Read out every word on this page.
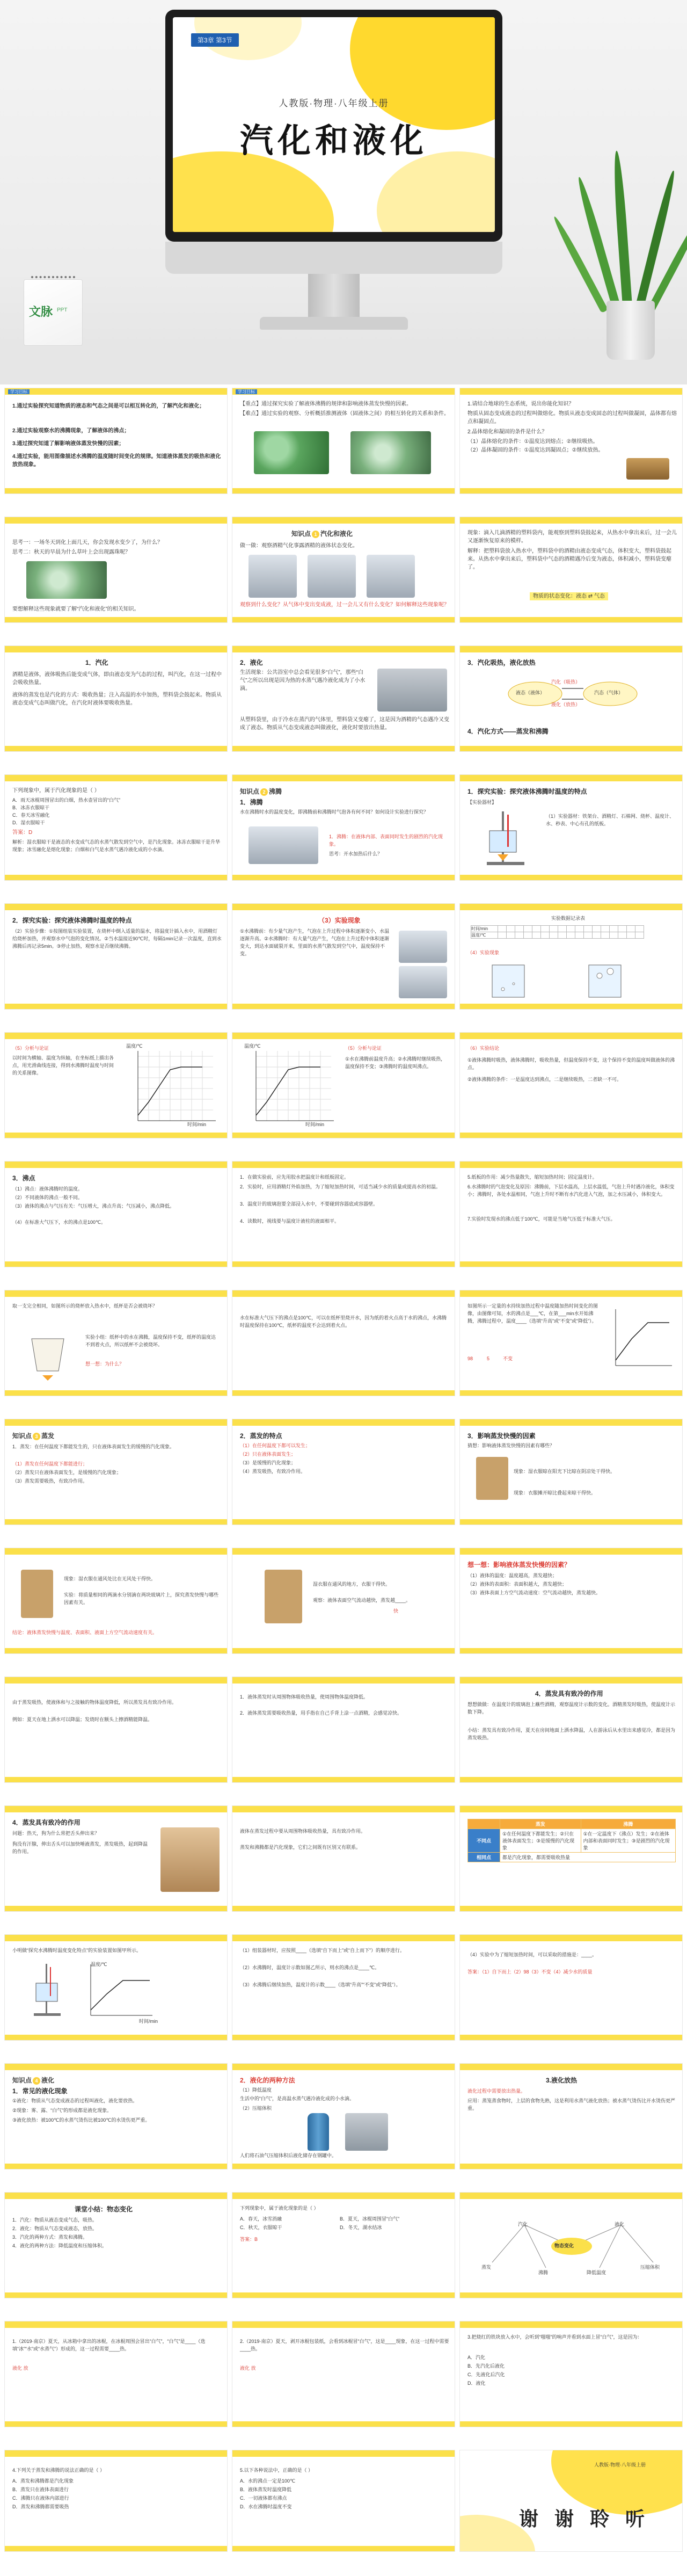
第3章 第3节
人教版·物理·八年级上册
汽化和液化
文脉 PPT
学习目标
1.通过实验探究知道物质的液态和气态之间是可以相互转化的，了解汽化和液化；
2.通过实验观察水的沸腾现象，了解液体的沸点；
3.通过探究知道了解影响液体蒸发快慢的因素；
4.通过实验，能用图像描述水沸腾的温度随时间变化的规律。知道液体蒸发的吸热和液化放热现象。
学习目标
【重点】通过探究实验了解液体沸腾的规律和影响液体蒸发快慢的因素。
【难点】通过实验的观察、分析概括推测液体（固液体之间）的相互转化的关系和条件。
1.请结合地球的生态系统，说出你能化知识？
物质从固态变成液态的过程叫做熔化。物质从液态变成固态的过程叫做凝固，晶体都有熔点和凝固点。
2.晶体熔化和凝固的条件是什么？
（1）晶体熔化的条件：①温度达到熔点；②继续吸热。
（2）晶体凝固的条件：①温度达到凝固点；②继续放热。
思考一：一场冬天到化上面几天，你会发现水变少了，为什么？
思考二：秋天的早晨为什么草叶上会出现露珠呢？
要想解释这些现象就要了解“汽化和液化”的相关知识。
知识点 1 汽化和液化
做一做：观察酒精气化事露酒精的液体状态变化。
观察到什么变化？从气体中变出变成液，过一会儿又有什么变化？如何解释这些现象呢？
现象：滴入几滴酒精的塑料袋内，能观察到塑料袋鼓起来，从热水中拿出来后，过一会儿又逐渐恢复原来的模样。
解释：把塑料袋放入热水中，塑料袋中的酒精由液态变成气态，体积变大，塑料袋鼓起来。从热水中拿出来后，塑料袋中气态的酒精遇冷后变为液态，体积减小，塑料袋变瘪了。
物质的状态变化：液态 ⇄ 气态
1．汽化
酒精是液体，液体吸热后能变成气体，即由液态变为气态的过程，叫汽化，在这一过程中会吸收热量。
液体的蒸发也是汽化的方式：吸收热量；注入高温的水中加热，塑料袋会鼓起来。物质从液态变成气态叫做汽化，在汽化时液体要吸收热量。
2．液化
生活现象：公共浴室中总会看见很多“白气”，那些“白气”之所以出现是因为热的水蒸气遇冷液化成为了小水滴。
从塑料袋里，由于冷水在蒸汽的气体里，塑料袋又变瘪了，这是因为酒精的气态遇冷又变成了液态。物质从气态变成液态叫做液化，液化时要放出热量。
3．汽化吸热，液化放热
汽态（气体）
液态（液体）
汽化（吸热）
液化（放热）
4．汽化方式——蒸发和沸腾
下列现象中，属于汽化现象的是（ ）
A．雨天冰棍周围冒出的白烟，热水壶冒出的“白气”
B．冰冻衣服晾干
C．春天冰雪融化
D．湿衣服晾干
答案：D
解析：湿衣服晾干是液态的水变成气态的水蒸气散发到空气中，是汽化现象。冰冻衣服晾干是升华现象；冰雪融化是熔化现象；白烟和白气是水蒸气遇冷液化成的小水滴。
知识点 2 沸腾
1．沸腾
水在沸腾时水的温度变化，即沸腾前和沸腾时气泡各有何不同？如何设计实验进行探究？
1．沸腾：在液体内部、表面同时发生的剧烈的汽化现象。
思考：开水加热后什么？
1．探究实验：探究液体沸腾时温度的特点
【实验器材】
（1）实验器材：铁架台、酒精灯、石棉网、烧杯、温度计、水、秒表、中心有孔的纸板。
2．探究实验：探究液体沸腾时温度的特点
（2）实验步骤：①按图组装实验装置，在烧杯中倒入适量的温水，将温度计插入水中，用酒精灯给烧杯加热，并观察水中气泡的变化情况。②当水温接近90℃时，每隔1min记录一次温度，直到水沸腾后再记录5min。③停止加热，观察水是否继续沸腾。
（3）实验现象
①水沸腾前：有少量气泡产生，气泡在上升过程中体积逐渐变小，水温逐渐升高。②水沸腾时：有大量气泡产生，气泡在上升过程中体积逐渐变大，到达水面破裂开来，里面的水蒸气散发到空气中，温度保持不变。
实验数据记录表
时间/min																	
温度/℃																	
（4）实验现象
（5）分析与论证
以时间为横轴、温度为纵轴，在坐标纸上描出各点，用光滑曲线连接，得到水沸腾时温度与时间的关系图像。
温度/℃
时间/min
温度/℃
时间/min
（5）分析与论证
①水在沸腾前温度升高；②水沸腾时继续吸热，温度保持不变；③沸腾时的温度叫沸点。
（6）实验结论
①液体沸腾时吸热，液体沸腾时，吸收热量，但温度保持不变，这个保持不变的温度叫做液体的沸点。
②液体沸腾的条件：一是温度达到沸点，二是继续吸热，二者缺一不可。
3．沸点
（1）沸点：液体沸腾时的温度。
（2）不同液体的沸点一般不同。
（3）液体的沸点与气压有关：气压增大，沸点升高；气压减小，沸点降低。
（4）在标准大气压下，水的沸点是100℃。
1．在做实验前，应先用胶水把温度计和纸板固定。
2．实验时，应用酒精灯外焰加热，为了缩短加热时间，可适当减少水的质量或提高水的初温。
3．温度计的玻璃泡要全部浸入水中，不要碰到容器底或容器壁。
4．读数时，视线要与温度计液柱的液面相平。
5.纸板的作用：减少热量散失，缩短加热时间；固定温度计。
6.水沸腾时的气泡变化及原因：沸腾前，下层水温高，上层水温低，气泡上升时遇冷液化，体积变小；沸腾时，各处水温相同，气泡上升时不断有水汽化进入气泡，加之水压减小，体积变大。
7.实验时发现水的沸点低于100℃，可能是当地气压低于标准大气压。
取一支完全相同，如图所示的烧杯放入热水中，纸杯是否会被烧坏？
实验小组：纸杯中的水在沸腾，温度保持不变，纸杯的温度达不到着火点，所以纸杯不会被烧坏。
想一想：为什么？
水在标准大气压下的沸点是100℃，可以在纸杯里烧开水，因为纸的着火点高于水的沸点，水沸腾时温度保持在100℃，纸杯的温度不会达到着火点。
如图所示一定量的水持续加热过程中温度随加热时间变化的图像，由图像可知，水的沸点是___℃，在第___min水开始沸腾，沸腾过程中，温度____（选填“升高”或“不变”或“降低”）。
98	5	不变
知识点 3 蒸发
1．蒸发：在任何温度下都能发生的，只在液体表面发生的缓慢的汽化现象。
（1）蒸发在任何温度下都能进行；
（2）蒸发只在液体表面发生，是缓慢的汽化现象；
（3）蒸发需要吸热，有致冷作用。
2．蒸发的特点
（1）在任何温度下都可以发生；
（2）只在液体表面发生；
（3）是缓慢的汽化现象；
（4）蒸发吸热，有致冷作用。
3．影响蒸发快慢的因素
猜想：影响液体蒸发快慢的因素有哪些？
现象：湿衣服晾在阳光下比晾在阴凉处干得快。
现象：衣服摊开晾比叠起来晾干得快。
现象：湿衣服在通风处比在无风处干得快。
实验：将质量相同的两滴水分别滴在两块玻璃片上，探究蒸发快慢与哪些因素有关。
结论：液体蒸发快慢与温度、表面积、液面上方空气流动速度有关。
湿衣服在通风的地方，衣服干得快。
观察：液体表面空气流动越快，蒸发越____。
快
想一想：影响液体蒸发快慢的因素？
（1）液体的温度：温度越高，蒸发越快；
（2）液体的表面积：表面积越大，蒸发越快；
（3）液体表面上方空气流动速度：空气流动越快，蒸发越快。
由于蒸发吸热，使液体和与之接触的物体温度降低，所以蒸发具有致冷作用。
例如：夏天在地上洒水可以降温；发烧时在额头上擦酒精能降温。
1．液体蒸发时从周围物体吸收热量，使周围物体温度降低。
2．液体蒸发需要吸收热量，用手指在自己手背上涂一点酒精，会感觉凉快。
4．蒸发具有致冷的作用
想想做做：在温度计的玻璃泡上蘸些酒精，观察温度计示数的变化。酒精蒸发时吸热，使温度计示数下降。
小结：蒸发具有致冷作用，夏天在房间地面上洒水降温，人在游泳后从水里出来感觉冷，都是因为蒸发吸热。
4．蒸发具有致冷的作用
问题：热天，狗为什么常把舌头伸出来？
狗没有汗腺，伸出舌头可以加快唾液蒸发，蒸发吸热，起到降温的作用。
液体在蒸发过程中要从周围物体吸收热量，具有致冷作用。
蒸发和沸腾都是汽化现象，它们之间既有区别又有联系。
	蒸发	沸腾
不同点	①在任何温度下都能发生；②只在液体表面发生；③是缓慢的汽化现象	①在一定温度下（沸点）发生；②在液体内部和表面同时发生；③是剧烈的汽化现象
相同点	都是汽化现象，都需要吸收热量	
小明做“探究水沸腾时温度变化特点”的实验装置如图甲所示。
温度/℃
时间/min
（1）组装器材时，应按照____（选填“自下而上”或“自上而下”）的顺序进行。
（2）水沸腾时，温度计示数如图乙所示，则水的沸点是____℃。
（3）水沸腾后继续加热，温度计的示数____（选填“升高”“不变”或“降低”）。
（4）实验中为了缩短加热时间，可以采取的措施是：____。
答案：（1）自下而上（2）98（3）不变（4）减少水的质量
知识点 4 液化
1．常见的液化现象
①液化：物质从气态变成液态的过程叫液化，液化要放热。
②现象：雾、露、“白气”的形成都是液化现象。
③液化放热：被100℃的水蒸气烫伤比被100℃的水烫伤更严重。
2．液化的两种方法
（1）降低温度
生活中的“白气”，是高温水蒸气遇冷液化成的小水滴。
（2）压缩体积
人们将石油气压缩体积后液化储存在钢罐中。
3.液化放热
液化过程中需要放出热量。
应用：蒸笼蒸食物时，上层的食物先熟，这是利用水蒸气液化放热；被水蒸气烫伤比开水烫伤更严重。
课堂小结：物态变化
1．汽化：物质从液态变成气态，吸热。
2．液化：物质从气态变成液态，放热。
3．汽化的两种方式：蒸发和沸腾。
4．液化的两种方法：降低温度和压缩体积。
下列现象中，属于液化现象的是（ ）
A．春天，冰雪消融	B．夏天，冰棍周围冒“白气”
C．秋天，衣服晾干	D．冬天，湖水结冰
答案：B
物态变化
汽化	液化
蒸发
沸腾	降低温度
压缩体积
1.（2019·南京）夏天，从冰箱中拿出的冰棍，在冰棍周围会冒出“白气”，“白气”是____（选填“冰”“水”或“水蒸气”）形成的，这一过程需要____热。
液化 放
2.（2019·南京）夏天，剥开冰棍包装纸，会看到冰棍冒“白气”，这是____现象，在这一过程中需要____热。
液化 放
3.把烧红的铁块放入水中，会听到“嗤嗤”的响声并看到水面上冒“白气”，这是因为：
A．汽化
B．先汽化后液化
C．先液化后汽化
D．液化
4.下列关于蒸发和沸腾的说法正确的是（ ）
A．蒸发和沸腾都是汽化现象
B．蒸发只在液体表面进行
C．沸腾只在液体内部进行
D．蒸发和沸腾都需要吸热
5.以下各种说法中，正确的是（ ）
A．水的沸点一定是100℃
B．液体蒸发时温度降低
C．一切液体都有沸点
D．水在沸腾时温度不变
人教版·物理·八年级上册
谢 谢 聆 听
